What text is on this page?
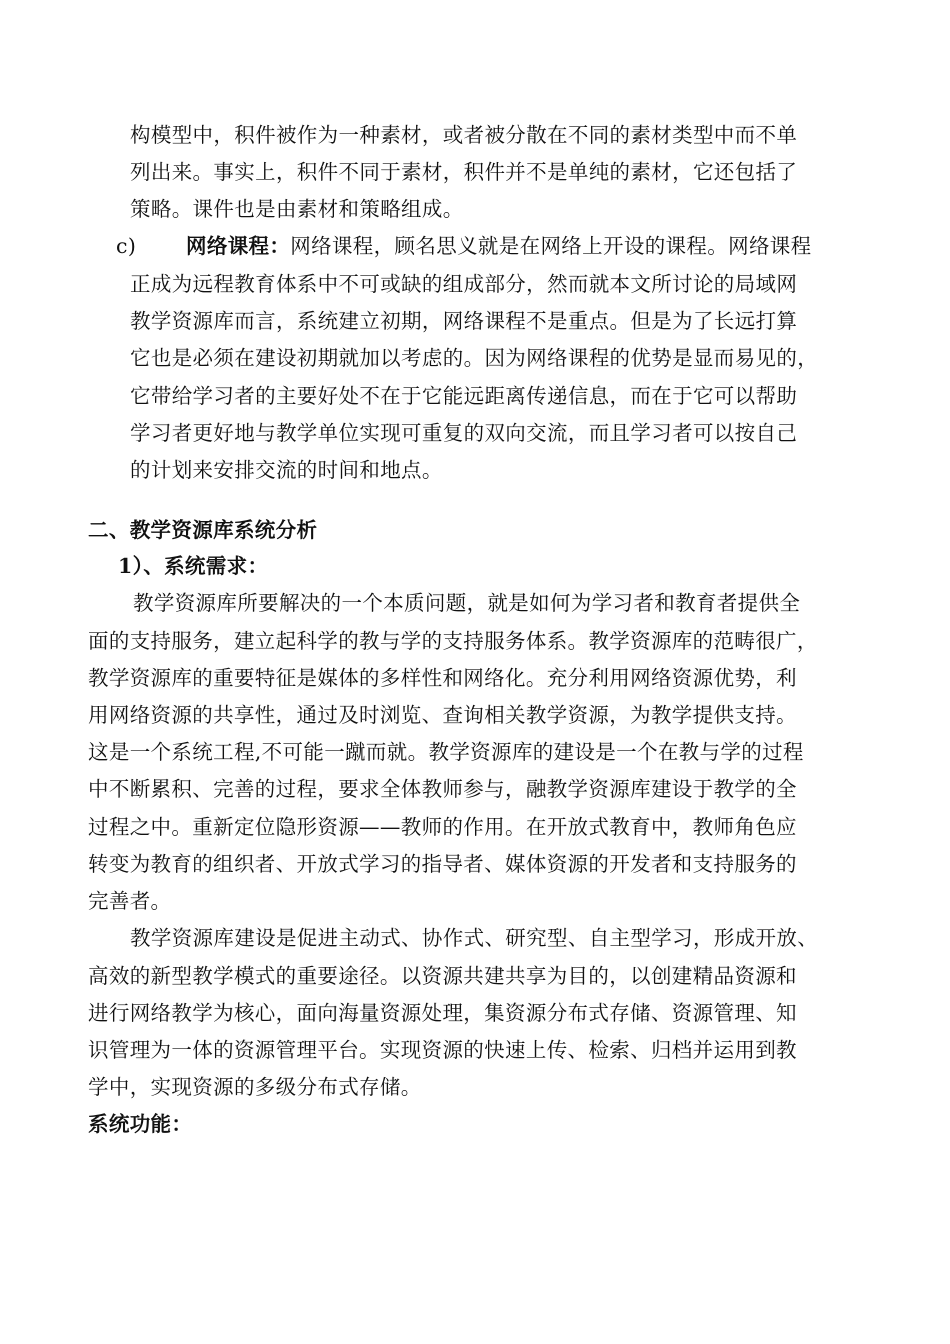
构模型中，积件被作为一种素材，或者被分散在不同的素材类型中而不单
列出来。事实上，积件不同于素材，积件并不是单纯的素材，它还包括了
策略。课件也是由素材和策略组成。
c) 网络课程：网络课程，顾名思义就是在网络上开设的课程。网络课程
正成为远程教育体系中不可或缺的组成部分，然而就本文所讨论的局域网
教学资源库而言，系统建立初期，网络课程不是重点。但是为了长远打算
它也是必须在建设初期就加以考虑的。因为网络课程的优势是显而易见的，
它带给学习者的主要好处不在于它能远距离传递信息，而在于它可以帮助
学习者更好地与教学单位实现可重复的双向交流，而且学习者可以按自己
的计划来安排交流的时间和地点。
二、教学资源库系统分析
1）、系统需求：
教学资源库所要解决的一个本质问题，就是如何为学习者和教育者提供全
面的支持服务，建立起科学的教与学的支持服务体系。教学资源库的范畴很广，
教学资源库的重要特征是媒体的多样性和网络化。充分利用网络资源优势，利
用网络资源的共享性，通过及时浏览、查询相关教学资源，为教学提供支持。
这是一个系统工程,不可能一蹴而就。教学资源库的建设是一个在教与学的过程
中不断累积、完善的过程，要求全体教师参与，融教学资源库建设于教学的全
过程之中。重新定位隐形资源——教师的作用。在开放式教育中，教师角色应
转变为教育的组织者、开放式学习的指导者、媒体资源的开发者和支持服务的
完善者。
教学资源库建设是促进主动式、协作式、研究型、自主型学习，形成开放、
高效的新型教学模式的重要途径。以资源共建共享为目的，以创建精品资源和
进行网络教学为核心，面向海量资源处理，集资源分布式存储、资源管理、知
识管理为一体的资源管理平台。实现资源的快速上传、检索、归档并运用到教
学中，实现资源的多级分布式存储。
系统功能：
